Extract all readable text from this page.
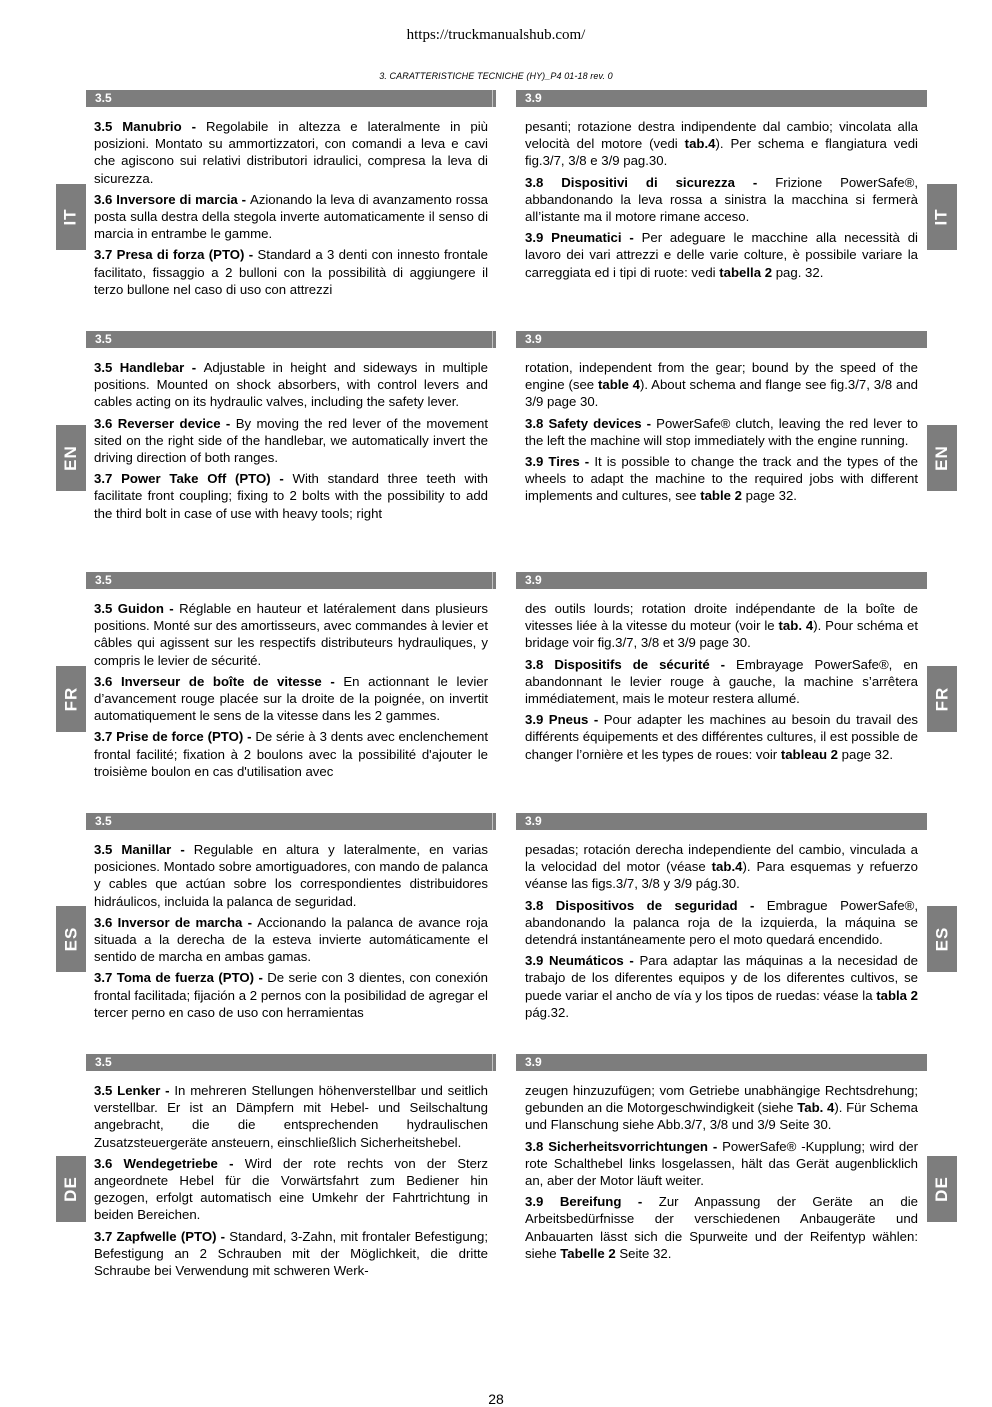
https://truckmanualshub.com/
3. CARATTERISTICHE TECNICHE (HY)_P4 01-18 rev. 0
3.5	3.9
IT	IT

3.5 Manubrio - Regolabile in altezza e lateralmente in più posizioni. Montato su ammortizzatori, con comandi a leva e cavi che agiscono sui relativi distributori idraulici, compresa la leva di sicurezza.

3.6 Inversore di marcia - Azionando la leva di avanzamento rossa posta sulla destra della stegola inverte automaticamente il senso di marcia in entrambe le gamme.

3.7 Presa di forza (PTO) - Standard a 3 denti con innesto frontale facilitato, fissaggio a 2 bulloni con la possibilità di aggiungere il terzo bullone nel caso di uso con attrezzi

pesanti; rotazione destra indipendente dal cambio; vincolata alla velocità del motore (vedi tab.4). Per schema e flangiatura vedi fig.3/7, 3/8 e 3/9 pag.30.

3.8 Dispositivi di sicurezza - Frizione PowerSafe®, abbandonando la leva rossa a sinistra la macchina si fermerà all’istante ma il motore rimane acceso.

3.9 Pneumatici - Per adeguare le macchine alla necessità di lavoro dei vari attrezzi e delle varie colture, è possibile variare la carreggiata ed i tipi di ruote: vedi tabella 2 pag. 32.

3.5	3.9
EN	EN

3.5 Handlebar - Adjustable in height and sideways in multiple positions. Mounted on shock absorbers, with control levers and cables acting on its hydraulic valves, including the safety lever.

3.6 Reverser device - By moving the red lever of the movement sited on the right side of the handlebar, we automatically invert the driving direction of both ranges.

3.7 Power Take Off (PTO) - With standard three teeth with facilitate front coupling; fixing to 2 bolts with the possibility to add the third bolt in case of use with heavy tools; right

rotation, independent from the gear; bound by the speed of the engine (see table 4). About schema and flange see fig.3/7, 3/8 and 3/9 page 30.

3.8 Safety devices - PowerSafe® clutch, leaving the red lever to the left the machine will stop immediately with the engine running.

3.9 Tires - It is possible to change the track and the types of the wheels to adapt the machine to the required jobs with different implements and cultures, see table 2 page 32.

3.5	3.9
FR	FR

3.5 Guidon - Réglable en hauteur et latéralement dans plusieurs positions. Monté sur des amortisseurs, avec commandes à levier et câbles qui agissent sur les respectifs distributeurs hydrauliques, y compris le levier de sécurité.

3.6 Inverseur de boîte de vitesse - En actionnant le levier d’avancement rouge placée sur la droite de la poignée, on invertit automatiquement le sens de la vitesse dans les 2 gammes.

3.7 Prise de force (PTO) - De série à 3 dents avec enclenchement frontal facilité; fixation à 2 boulons avec la possibilité d'ajouter le troisième boulon en cas d'utilisation avec

des outils lourds; rotation droite indépendante de la boîte de vitesses liée à la vitesse du moteur (voir le tab. 4). Pour schéma et bridage voir fig.3/7, 3/8 et 3/9 page 30.

3.8 Dispositifs de sécurité - Embrayage PowerSafe®, en abandonnant le levier rouge à gauche, la machine s’arrêtera immédiatement, mais le moteur restera allumé.

3.9 Pneus - Pour adapter les machines au besoin du travail des différents équipements et des différentes cultures, il est possible de changer l’ornière et les types de roues: voir tableau 2 page 32.

3.5	3.9
ES	ES

3.5 Manillar - Regulable en altura y lateralmente, en varias posiciones. Montado sobre amortiguadores, con mando de palanca y cables que actúan sobre los correspondientes distribuidores hidráulicos, incluida la palanca de seguridad.

3.6 Inversor de marcha - Accionando la palanca de avance roja situada a la derecha de la esteva invierte automáticamente el sentido de marcha en ambas gamas.

3.7 Toma de fuerza (PTO) - De serie con 3 dientes, con conexión frontal facilitada; fijación a 2 pernos con la posibilidad de agregar el tercer perno en caso de uso con herramientas

pesadas; rotación derecha independiente del cambio, vinculada a la velocidad del motor (véase tab.4). Para esquemas y refuerzo véanse las figs.3/7, 3/8 y 3/9 pág.30.

3.8 Dispositivos de seguridad - Embrague PowerSafe®, abandonando la palanca roja de la izquierda, la máquina se detendrá instantáneamente pero el moto quedará encendido.

3.9 Neumáticos - Para adaptar las máquinas a la necesidad de trabajo de los diferentes equipos y de los diferentes cultivos, se puede variar el ancho de vía y los tipos de ruedas: véase la tabla 2 pág.32.

3.5	3.9
DE	DE

3.5 Lenker - In mehreren Stellungen höhenverstellbar und seitlich verstellbar. Er ist an Dämpfern mit Hebel- und Seilschaltung angebracht, die die entsprechenden hydraulischen Zusatzsteuergeräte ansteuern, einschließlich Sicherheitshebel.

3.6 Wendegetriebe - Wird der rote rechts von der Sterz angeordnete Hebel für die Vorwärtsfahrt zum Bediener hin gezogen, erfolgt automatisch eine Umkehr der Fahrtrichtung in beiden Bereichen.

3.7 Zapfwelle (PTO) - Standard, 3-Zahn, mit frontaler Befestigung; Befestigung an 2 Schrauben mit der Möglichkeit, die dritte Schraube bei Verwendung mit schweren Werk-

zeugen hinzuzufügen; vom Getriebe unabhängige Rechtsdrehung; gebunden an die Motorgeschwindigkeit (siehe Tab. 4). Für Schema und Flanschung siehe Abb.3/7, 3/8 und 3/9 Seite 30.

3.8 Sicherheitsvorrichtungen - PowerSafe® -Kupplung; wird der rote Schalthebel links losgelassen, hält das Gerät augenblicklich an, aber der Motor läuft weiter.

3.9 Bereifung - Zur Anpassung der Geräte an die Arbeitsbedürfnisse der verschiedenen Anbaugeräte und Anbauarten lässt sich die Spurweite und der Reifentyp wählen: siehe Tabelle 2 Seite 32.

28
